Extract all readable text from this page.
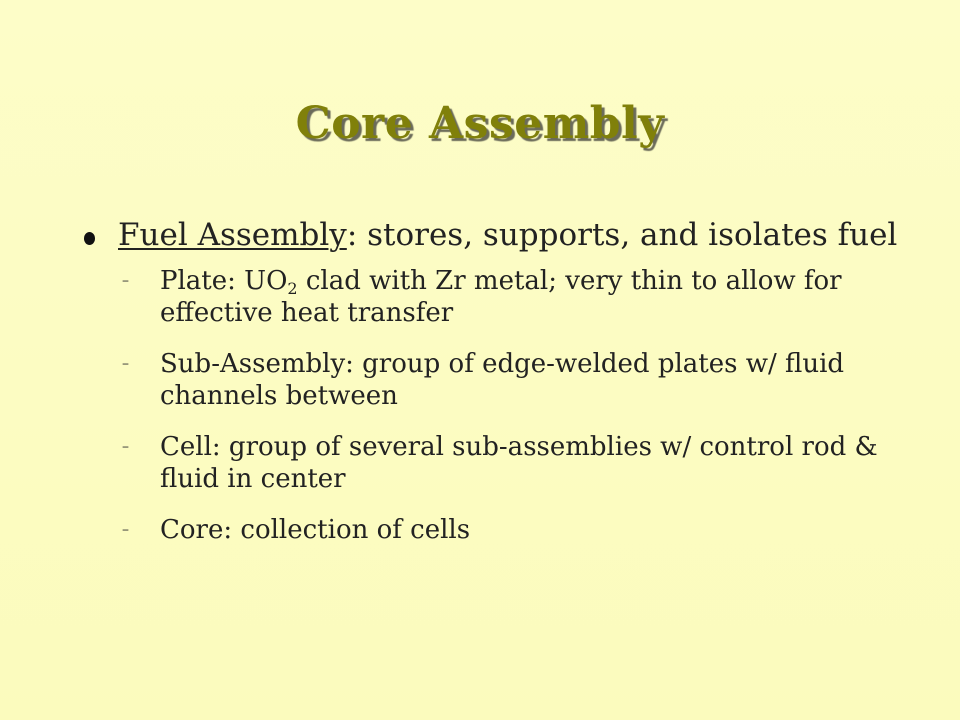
Core Assembly
Fuel Assembly: stores, supports, and isolates fuel
– Plate: $UO_2$ clad with Zr metal; very thin to allow for effective heat transfer
– Sub-Assembly: group of edge-welded plates w/ fluid channels between
– Cell: group of several sub-assemblies w/ control rod & fluid in center
– Core: collection of cells
